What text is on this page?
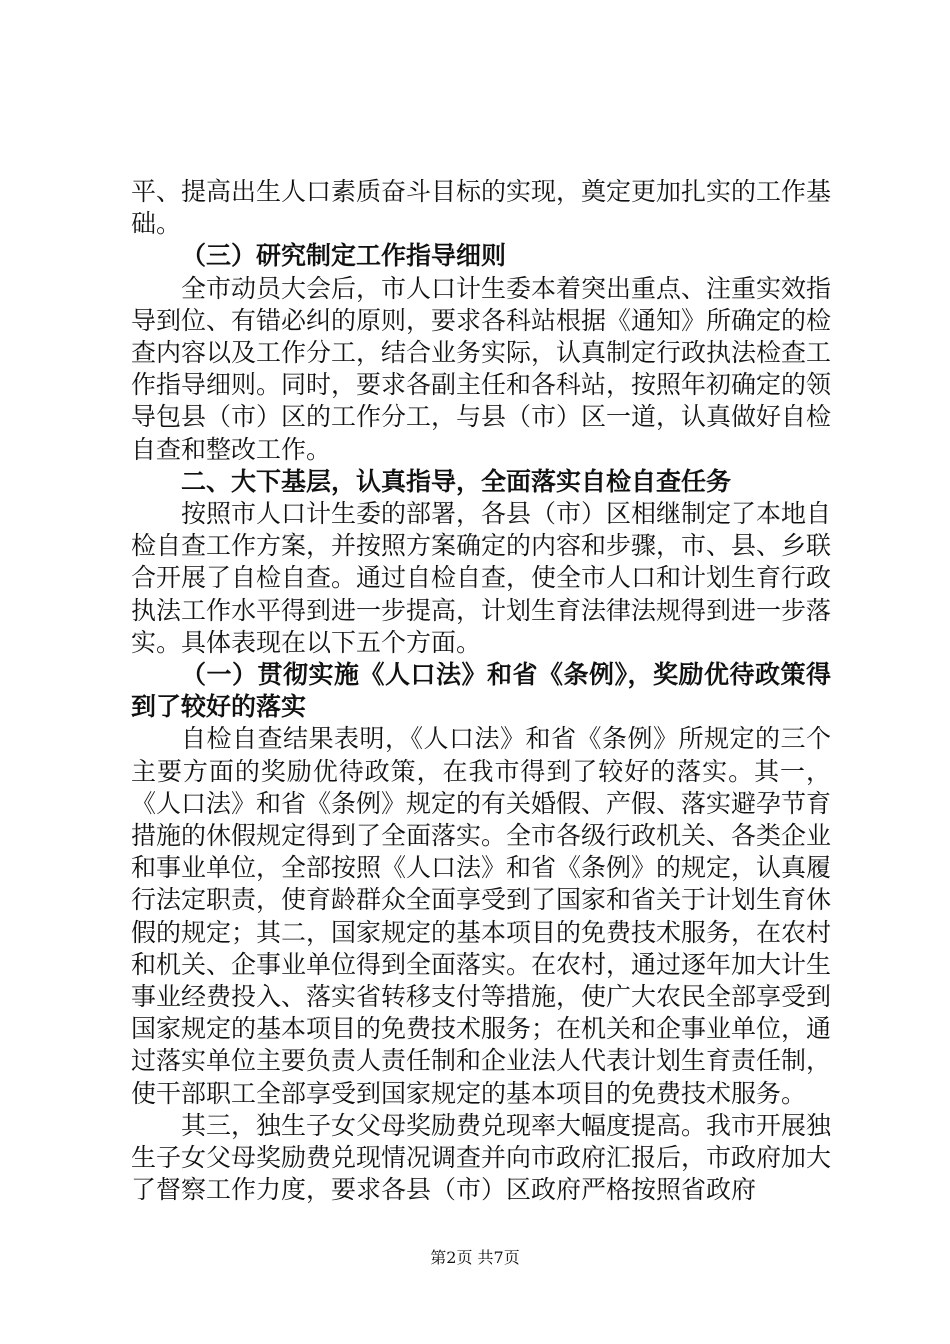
平、提高出生人口素质奋斗目标的实现，奠定更加扎实的工作基础。

（三）研究制定工作指导细则

全市动员大会后，市人口计生委本着突出重点、注重实效指导到位、有错必纠的原则，要求各科站根据《通知》所确定的检查内容以及工作分工，结合业务实际，认真制定行政执法检查工作指导细则。同时，要求各副主任和各科站，按照年初确定的领导包县（市）区的工作分工，与县（市）区一道，认真做好自检自查和整改工作。

二、大下基层，认真指导，全面落实自检自查任务

按照市人口计生委的部署，各县（市）区相继制定了本地自检自查工作方案，并按照方案确定的内容和步骤，市、县、乡联合开展了自检自查。通过自检自查，使全市人口和计划生育行政执法工作水平得到进一步提高，计划生育法律法规得到进一步落实。具体表现在以下五个方面。

（一）贯彻实施《人口法》和省《条例》，奖励优待政策得到了较好的落实

自检自查结果表明，《人口法》和省《条例》所规定的三个主要方面的奖励优待政策，在我市得到了较好的落实。其一，《人口法》和省《条例》规定的有关婚假、产假、落实避孕节育措施的休假规定得到了全面落实。全市各级行政机关、各类企业和事业单位，全部按照《人口法》和省《条例》的规定，认真履行法定职责，使育龄群众全面享受到了国家和省关于计划生育休假的规定；其二，国家规定的基本项目的免费技术服务，在农村和机关、企事业单位得到全面落实。在农村，通过逐年加大计生事业经费投入、落实省转移支付等措施，使广大农民全部享受到国家规定的基本项目的免费技术服务；在机关和企事业单位，通过落实单位主要负责人责任制和企业法人代表计划生育责任制，使干部职工全部享受到国家规定的基本项目的免费技术服务。

其三，独生子女父母奖励费兑现率大幅度提高。我市开展独生子女父母奖励费兑现情况调查并向市政府汇报后，市政府加大了督察工作力度，要求各县（市）区政府严格按照省政府

第2页 共7页
